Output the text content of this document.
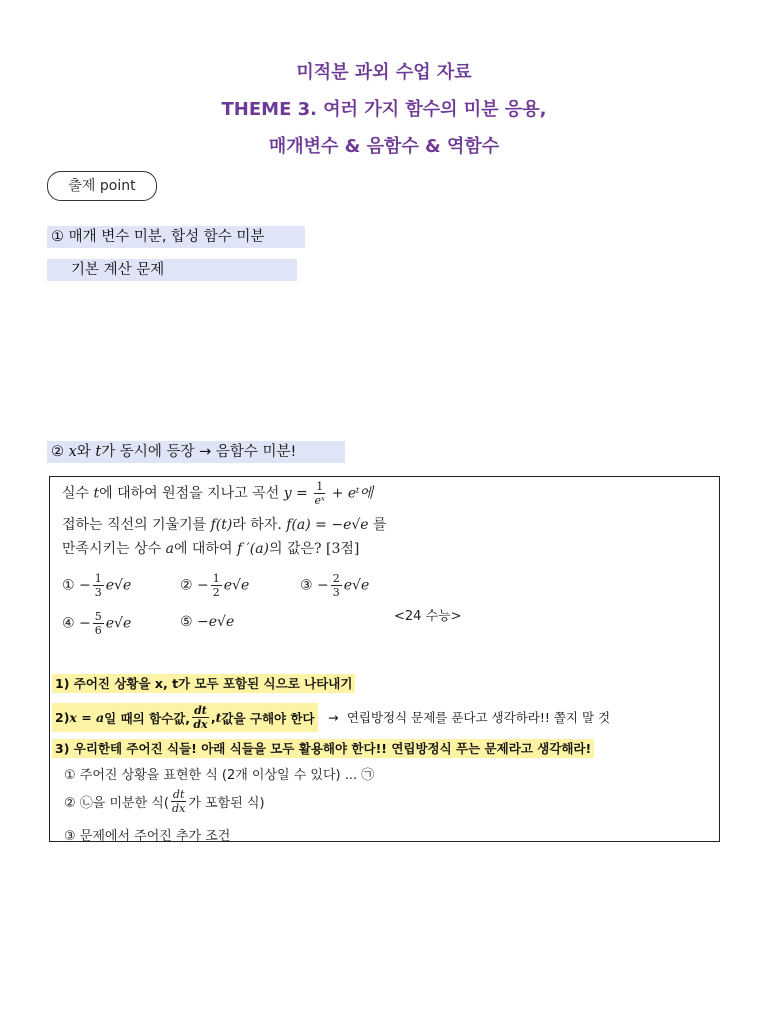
미적분 과외 수업 자료
THEME 3. 여러 가지 함수의 미분 응용,
매개변수 & 음함수 & 역함수
출제 point
① 매개 변수 미분, 합성 함수 미분
기본 계산 문제
② x와 t가 동시에 등장 → 음함수 미분!
실수 t에 대하여 원점을 지나고 곡선 $y = \frac{1}{\text{eˣ}}$ + eᵗ에
접하는 직선의 기울기를 f(t)라 하자. f(a) = −e√e 를
만족시키는 상수 a에 대하여 f ′(a)의 값은? [3점]
① − $\frac{1}{3} e√e$	② − $\frac{1}{2} e√e$	③ − $\frac{2}{3} e√e$
④ − $\frac{5}{6} e√e$	⑤ −e√e	<24 수능>
1) 주어진 상황을 x, t가 모두 포함된 식으로 나타내기
2) x = a 일 때의 함수값, $\frac{dt}{dx}$ , t 값을 구해야 한다 → 연립방정식 문제를 푼다고 생각하라!! 쫄지 말 것
3) 우리한테 주어진 식들! 아래 식들을 모두 활용해야 한다!! 연립방정식 푸는 문제라고 생각해라!
① 주어진 상황을 표현한 식 (2개 이상일 수 있다) ... ㉠
② ㉡을 미분한 식( $\frac{dt}{dx}$ 가 포함된 식)
③ 문제에서 주어진 추가 조건
